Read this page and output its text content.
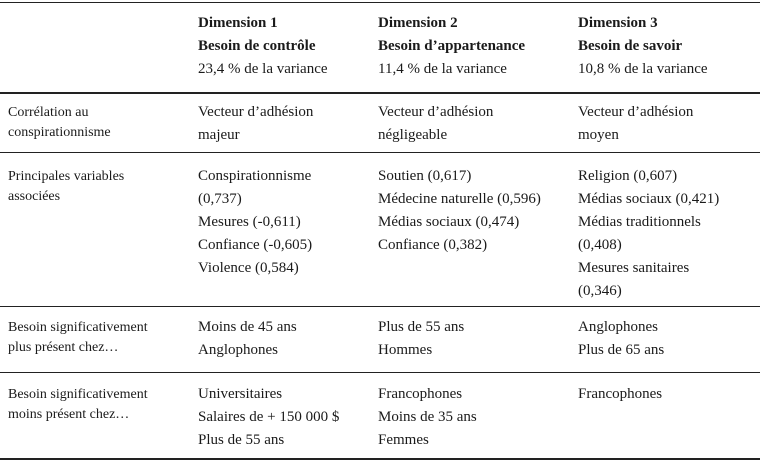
Dimension 1
Besoin de contrôle
23,4 % de la variance
Dimension 2
Besoin d’appartenance
11,4 % de la variance
Dimension 3
Besoin de savoir
10,8 % de la variance
Corrélation au
conspirationnisme
Vecteur d’adhésion
majeur
Vecteur d’adhésion
négligeable
Vecteur d’adhésion
moyen
Principales variables
associées
Conspirationnisme
(0,737)
Mesures (-0,611)
Confiance (-0,605)
Violence (0,584)
Soutien (0,617)
Médecine naturelle (0,596)
Médias sociaux (0,474)
Confiance (0,382)
Religion (0,607)
Médias sociaux (0,421)
Médias traditionnels
(0,408)
Mesures sanitaires
(0,346)
Besoin significativement
plus présent chez…
Moins de 45 ans
Anglophones
Plus de 55 ans
Hommes
Anglophones
Plus de 65 ans
Besoin significativement
moins présent chez…
Universitaires
Salaires de + 150 000 $
Plus de 55 ans
Francophones
Moins de 35 ans
Femmes
Francophones
